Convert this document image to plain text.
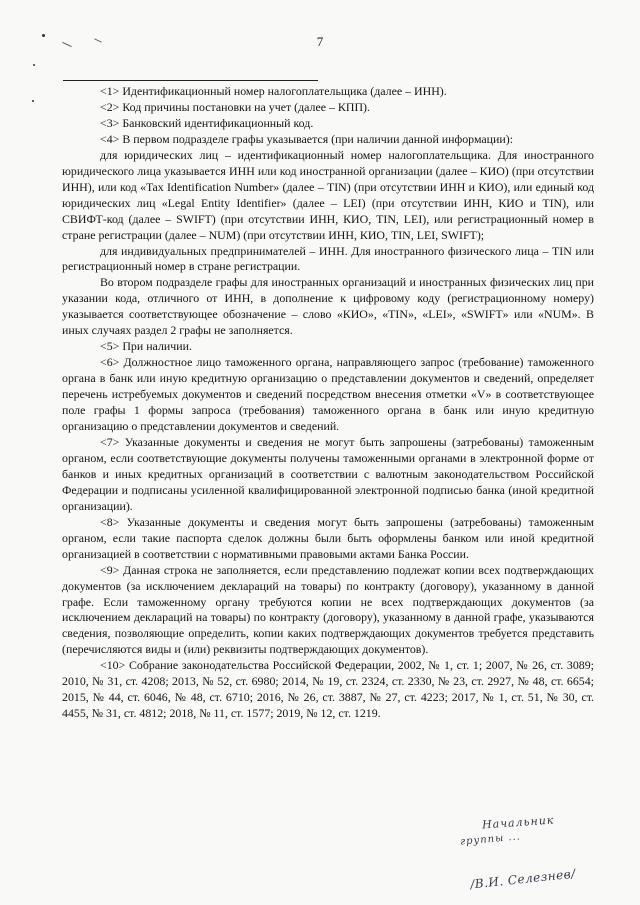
7

<1> Идентификационный номер налогоплательщика (далее – ИНН).

<2> Код причины постановки на учет (далее – КПП).

<3> Банковский идентификационный код.

<4> В первом подразделе графы указывается (при наличии данной информации):

для юридических лиц – идентификационный номер налогоплательщика. Для иностранного юридического лица указывается ИНН или код иностранной организации (далее – КИО) (при отсутствии ИНН), или код «Tax Identification Number» (далее – TIN) (при отсутствии ИНН и КИО), или единый код юридических лиц «Legal Entity Identifier» (далее – LEI) (при отсутствии ИНН, КИО и TIN), или СВИФТ-код (далее – SWIFT) (при отсутствии ИНН, КИО, TIN, LEI), или регистрационный номер в стране регистрации (далее – NUM) (при отсутствии ИНН, КИО, TIN, LEI, SWIFT);

для индивидуальных предпринимателей – ИНН. Для иностранного физического лица – TIN или регистрационный номер в стране регистрации.

Во втором подразделе графы для иностранных организаций и иностранных физических лиц при указании кода, отличного от ИНН, в дополнение к цифровому коду (регистрационному номеру) указывается соответствующее обозначение – слово «КИО», «TIN», «LEI», «SWIFT» или «NUM». В иных случаях раздел 2 графы не заполняется.

<5> При наличии.

<6> Должностное лицо таможенного органа, направляющего запрос (требование) таможенного органа в банк или иную кредитную организацию о представлении документов и сведений, определяет перечень истребуемых документов и сведений посредством внесения отметки «V» в соответствующее поле графы 1 формы запроса (требования) таможенного органа в банк или иную кредитную организацию о представлении документов и сведений.

<7> Указанные документы и сведения не могут быть запрошены (затребованы) таможенным органом, если соответствующие документы получены таможенными органами в электронной форме от банков и иных кредитных организаций в соответствии с валютным законодательством Российской Федерации и подписаны усиленной квалифицированной электронной подписью банка (иной кредитной организации).

<8> Указанные документы и сведения могут быть запрошены (затребованы) таможенным органом, если такие паспорта сделок должны были быть оформлены банком или иной кредитной организацией в соответствии с нормативными правовыми актами Банка России.

<9> Данная строка не заполняется, если представлению подлежат копии всех подтверждающих документов (за исключением деклараций на товары) по контракту (договору), указанному в данной графе. Если таможенному органу требуются копии не всех подтверждающих документов (за исключением деклараций на товары) по контракту (договору), указанному в данной графе, указываются сведения, позволяющие определить, копии каких подтверждающих документов требуется представить (перечисляются виды и (или) реквизиты подтверждающих документов).

<10> Собрание законодательства Российской Федерации, 2002, № 1, ст. 1; 2007, № 26, ст. 3089; 2010, № 31, ст. 4208; 2013, № 52, ст. 6980; 2014, № 19, ст. 2324, ст. 2330, № 23, ст. 2927, № 48, ст. 6654; 2015, № 44, ст. 6046, № 48, ст. 6710; 2016, № 26, ст. 3887, № 27, ст. 4223; 2017, № 1, ст. 51, № 30, ст. 4455, № 31, ст. 4812; 2018, № 11, ст. 1577; 2019, № 12, ст. 1219.

Начальник
группы ...
/В.И. Селезнев/
